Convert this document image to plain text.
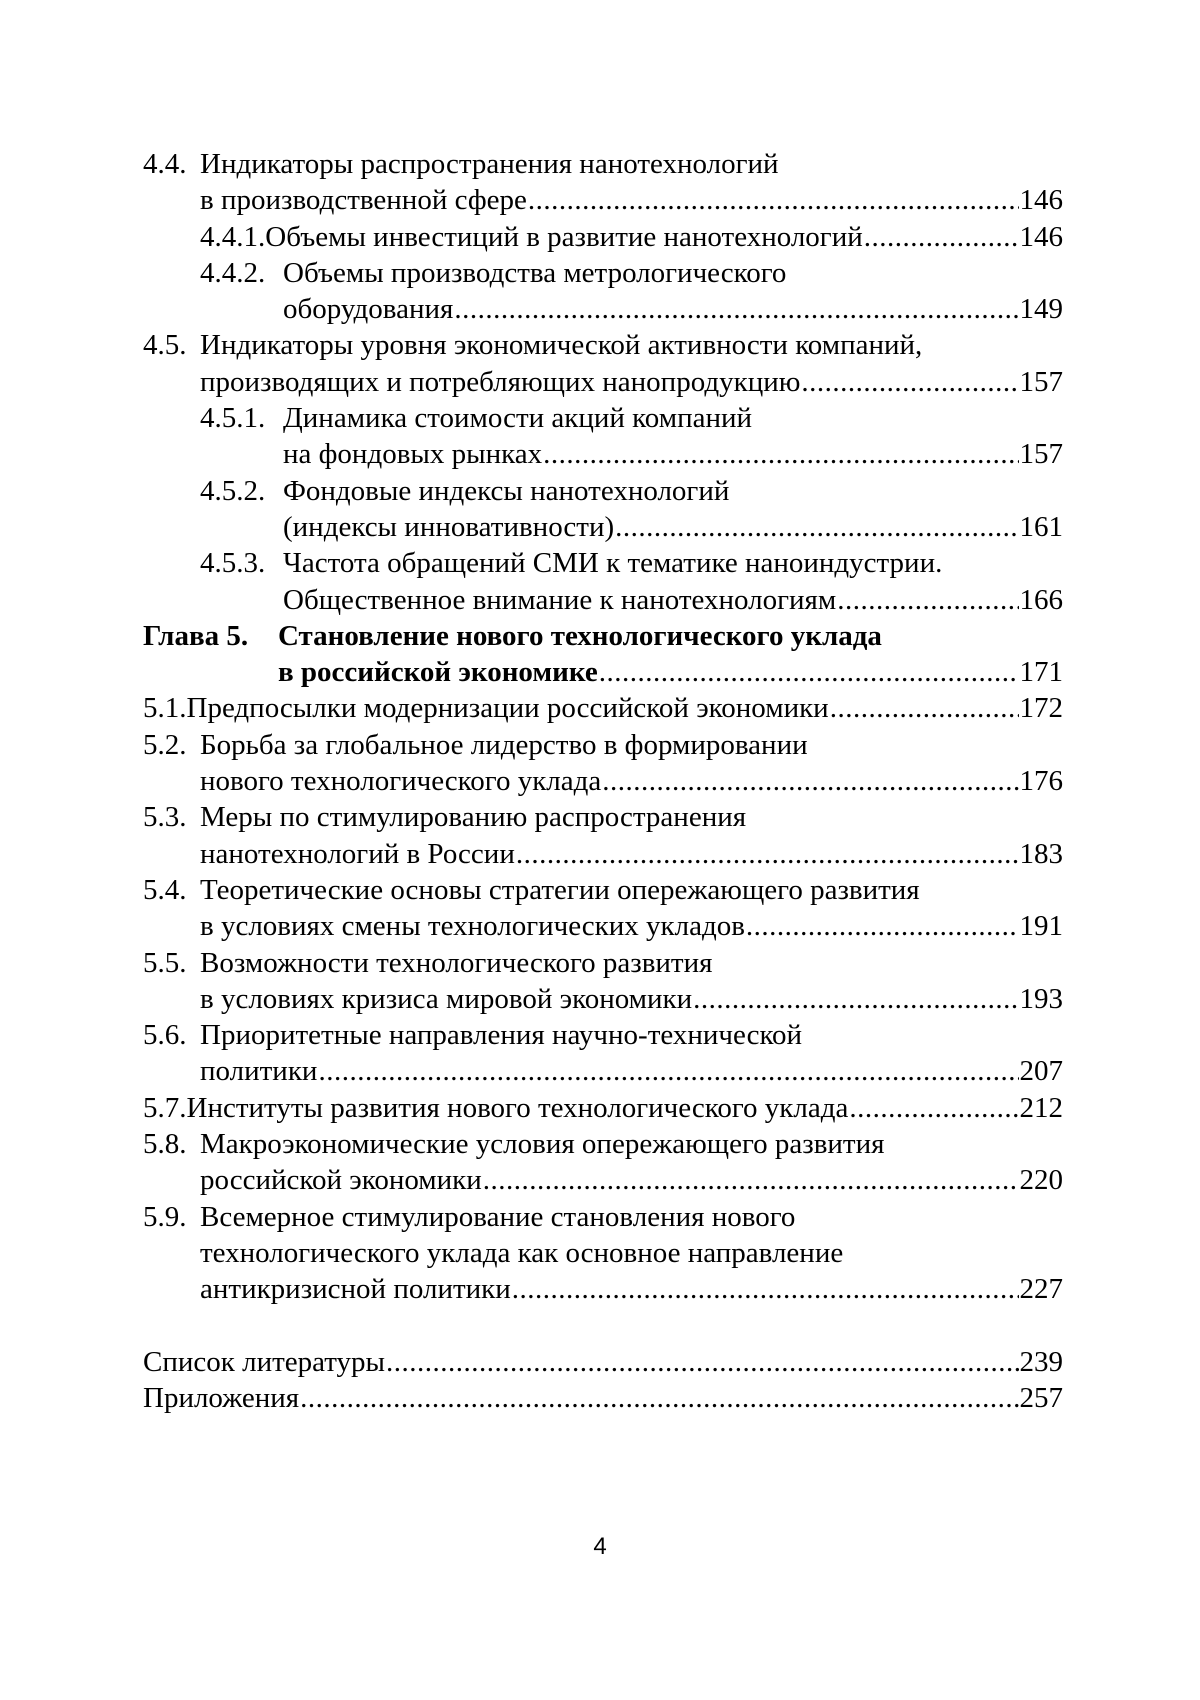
4.4. Индикаторы распространения нанотехнологий
в производственной сфере .....	146
4.4.1. Объемы инвестиций в развитие нанотехнологий .....	146
4.4.2. Объемы производства метрологического
оборудования .....	149
4.5. Индикаторы уровня экономической активности компаний,
производящих и потребляющих нанопродукцию .....	157
4.5.1. Динамика стоимости акций компаний
на фондовых рынках .....	157
4.5.2. Фондовые индексы нанотехнологий
(индексы инновативности) .....	161
4.5.3. Частота обращений СМИ к тематике наноиндустрии.
Общественное внимание к нанотехнологиям .....	166
Глава 5. Становление нового технологического уклада
в российской экономике .....	171
5.1. Предпосылки модернизации российской экономики .....	172
5.2. Борьба за глобальное лидерство в формировании
нового технологического уклада .....	176
5.3. Меры по стимулированию распространения
нанотехнологий в России .....	183
5.4. Теоретические основы стратегии опережающего развития
в условиях смены технологических укладов .....	191
5.5. Возможности технологического развития
в условиях кризиса мировой экономики .....	193
5.6. Приоритетные направления научно-технической
политики .....	207
5.7. Институты развития нового технологического уклада .....	212
5.8. Макроэкономические условия опережающего развития
российской экономики .....	220
5.9. Всемерное стимулирование становления нового
технологического уклада как основное направление
антикризисной политики .....	227
Список литературы .....	239
Приложения .....	257
4
